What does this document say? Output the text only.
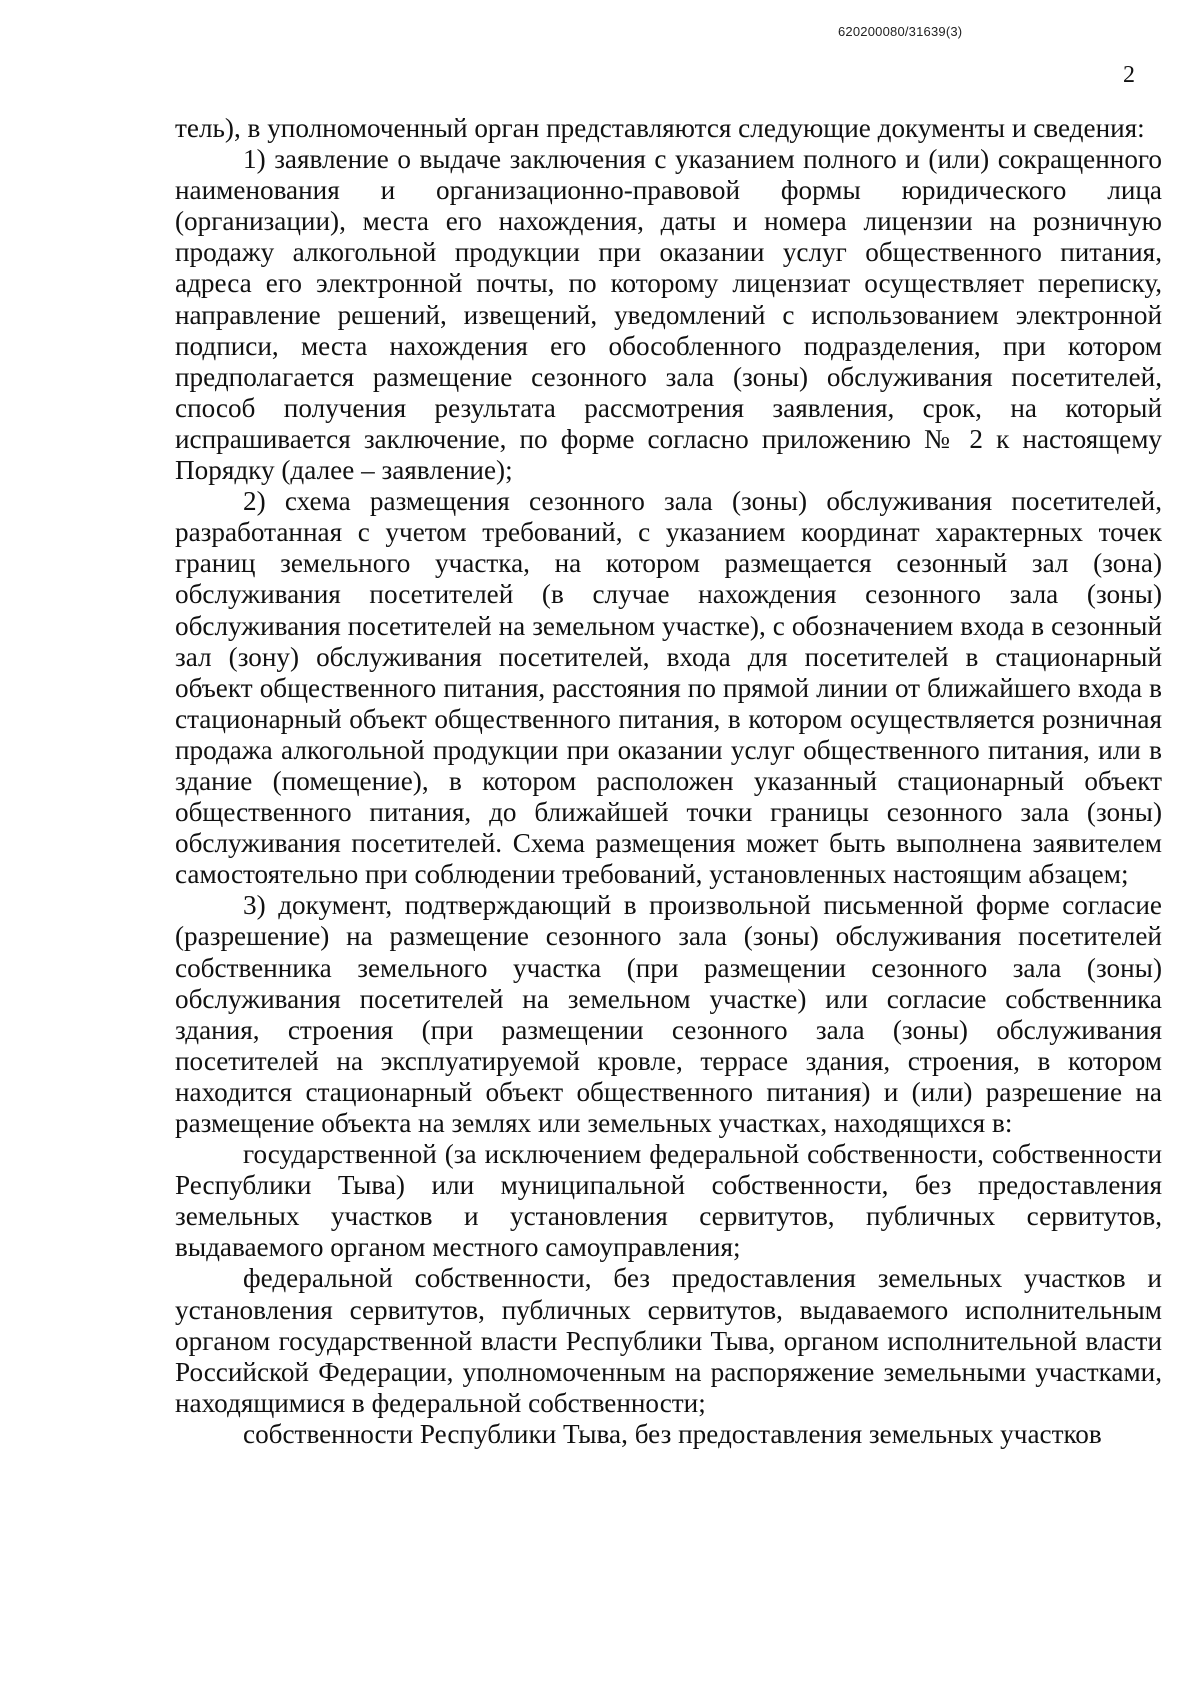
620200080/31639(3)
2

тель), в уполномоченный орган представляются следующие документы и сведения:

1) заявление о выдаче заключения с указанием полного и (или) сокращенного наименования и организационно-правовой формы юридического лица (организации), места его нахождения, даты и номера лицензии на розничную продажу алкогольной продукции при оказании услуг общественного питания, адреса его электронной почты, по которому лицензиат осуществляет переписку, направление решений, извещений, уведомлений с использованием электронной подписи, места нахождения его обособленного подразделения, при котором предполагается размещение сезонного зала (зоны) обслуживания посетителей, способ получения результата рассмотрения заявления, срок, на который испрашивается заключение, по форме согласно приложению № 2 к настоящему Порядку (далее – заявление);

2) схема размещения сезонного зала (зоны) обслуживания посетителей, разработанная с учетом требований, с указанием координат характерных точек границ земельного участка, на котором размещается сезонный зал (зона) обслуживания посетителей (в случае нахождения сезонного зала (зоны) обслуживания посетителей на земельном участке), с обозначением входа в сезонный зал (зону) обслуживания посетителей, входа для посетителей в стационарный объект общественного питания, расстояния по прямой линии от ближайшего входа в стационарный объект общественного питания, в котором осуществляется розничная продажа алкогольной продукции при оказании услуг общественного питания, или в здание (помещение), в котором расположен указанный стационарный объект общественного питания, до ближайшей точки границы сезонного зала (зоны) обслуживания посетителей. Схема размещения может быть выполнена заявителем самостоятельно при соблюдении требований, установленных настоящим абзацем;

3) документ, подтверждающий в произвольной письменной форме согласие (разрешение) на размещение сезонного зала (зоны) обслуживания посетителей собственника земельного участка (при размещении сезонного зала (зоны) обслуживания посетителей на земельном участке) или согласие собственника здания, строения (при размещении сезонного зала (зоны) обслуживания посетителей на эксплуатируемой кровле, террасе здания, строения, в котором находится стационарный объект общественного питания) и (или) разрешение на размещение объекта на землях или земельных участках, находящихся в:

государственной (за исключением федеральной собственности, собственности Республики Тыва) или муниципальной собственности, без предоставления земельных участков и установления сервитутов, публичных сервитутов, выдаваемого органом местного самоуправления;

федеральной собственности, без предоставления земельных участков и установления сервитутов, публичных сервитутов, выдаваемого исполнительным органом государственной власти Республики Тыва, органом исполнительной власти Российской Федерации, уполномоченным на распоряжение земельными участками, находящимися в федеральной собственности;

собственности Республики Тыва, без предоставления земельных участков
